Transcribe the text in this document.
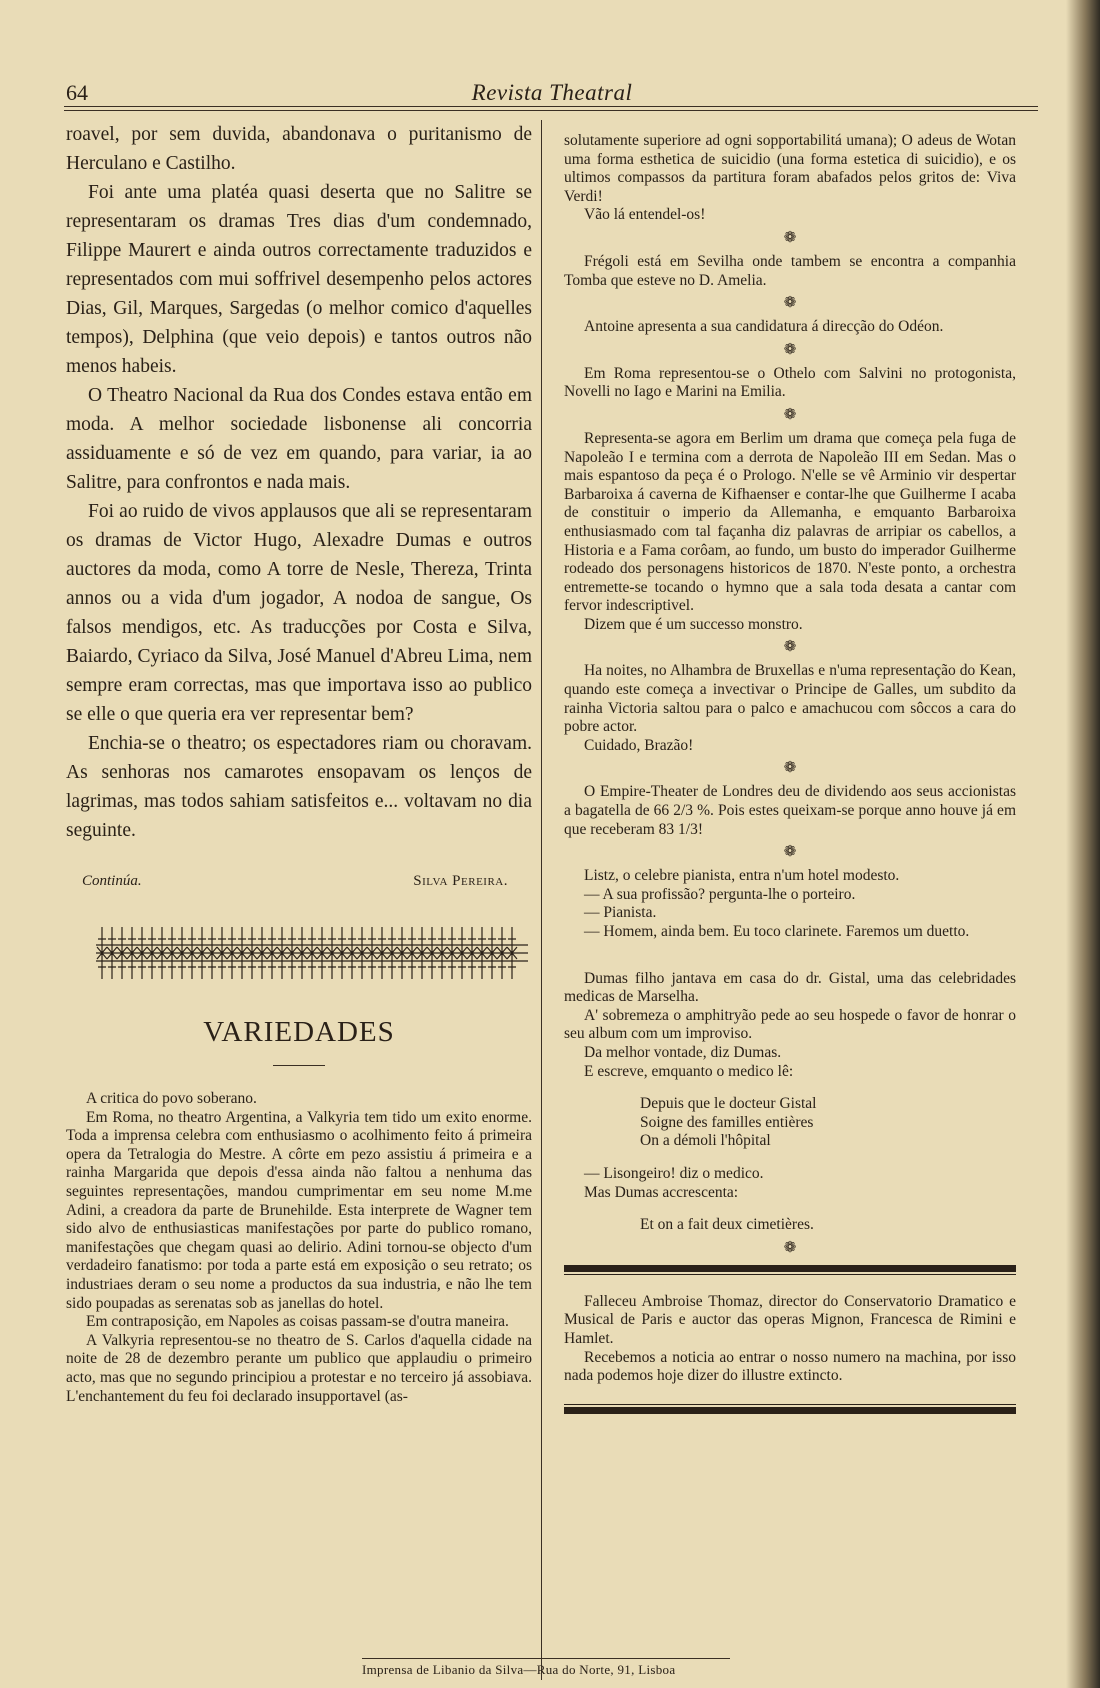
64	Revista Theatral

roavel, por sem duvida, abandonava o puritanismo de Herculano e Castilho.

Foi ante uma platéa quasi deserta que no Salitre se representaram os dramas Tres dias d'um condemnado, Filippe Maurert e ainda outros correctamente traduzidos e representados com mui soffrivel desempenho pelos actores Dias, Gil, Marques, Sargedas (o melhor comico d'aquelles tempos), Delphina (que veio depois) e tantos outros não menos habeis.

O Theatro Nacional da Rua dos Condes estava então em moda. A melhor sociedade lisbonense ali concorria assiduamente e só de vez em quando, para variar, ia ao Salitre, para confrontos e nada mais.

Foi ao ruido de vivos applausos que ali se representaram os dramas de Victor Hugo, Alexadre Dumas e outros auctores da moda, como A torre de Nesle, Thereza, Trinta annos ou a vida d'um jogador, A nodoa de sangue, Os falsos mendigos, etc. As traducções por Costa e Silva, Baiardo, Cyriaco da Silva, José Manuel d'Abreu Lima, nem sempre eram correctas, mas que importava isso ao publico se elle o que queria era ver representar bem?

Enchia-se o theatro; os espectadores riam ou choravam. As senhoras nos camarotes ensopavam os lenços de lagrimas, mas todos sahiam satisfeitos e... voltavam no dia seguinte.

Continúa.	Silva Pereira.
VARIEDADES

A critica do povo soberano.

Em Roma, no theatro Argentina, a Valkyria tem tido um exito enorme. Toda a imprensa celebra com enthusiasmo o acolhimento feito á primeira opera da Tetralogia do Mestre. A côrte em pezo assistiu á primeira e a rainha Margarida que depois d'essa ainda não faltou a nenhuma das seguintes representações, mandou cumprimentar em seu nome M.me Adini, a creadora da parte de Brunehilde. Esta interprete de Wagner tem sido alvo de enthusiasticas manifestações por parte do publico romano, manifestações que chegam quasi ao delirio. Adini tornou-se objecto d'um verdadeiro fanatismo: por toda a parte está em exposição o seu retrato; os industriaes deram o seu nome a productos da sua industria, e não lhe tem sido poupadas as serenatas sob as janellas do hotel.

Em contraposição, em Napoles as coisas passam-se d'outra maneira.

A Valkyria representou-se no theatro de S. Carlos d'aquella cidade na noite de 28 de dezembro perante um publico que applaudiu o primeiro acto, mas que no segundo principiou a protestar e no terceiro já assobiava. L'enchantement du feu foi declarado insupportavel (as-

solutamente superiore ad ogni sopportabilitá umana); O adeus de Wotan uma forma esthetica de suicidio (una forma estetica di suicidio), e os ultimos compassos da partitura foram abafados pelos gritos de: Viva Verdi!

Vão lá entendel-os!

❁

Frégoli está em Sevilha onde tambem se encontra a companhia Tomba que esteve no D. Amelia.

❁

Antoine apresenta a sua candidatura á direcção do Odéon.

❁

Em Roma representou-se o Othelo com Salvini no protogonista, Novelli no Iago e Marini na Emilia.

❁

Representa-se agora em Berlim um drama que começa pela fuga de Napoleão I e termina com a derrota de Napoleão III em Sedan. Mas o mais espantoso da peça é o Prologo. N'elle se vê Arminio vir despertar Barbaroixa á caverna de Kifhaenser e contar-lhe que Guilherme I acaba de constituir o imperio da Allemanha, e emquanto Barbaroixa enthusiasmado com tal façanha diz palavras de arripiar os cabellos, a Historia e a Fama corôam, ao fundo, um busto do imperador Guilherme rodeado dos personagens historicos de 1870. N'este ponto, a orchestra entremette-se tocando o hymno que a sala toda desata a cantar com fervor indescriptivel.

Dizem que é um successo monstro.

❁

Ha noites, no Alhambra de Bruxellas e n'uma representação do Kean, quando este começa a invectivar o Principe de Galles, um subdito da rainha Victoria saltou para o palco e amachucou com sôccos a cara do pobre actor.

Cuidado, Brazão!

❁

O Empire-Theater de Londres deu de dividendo aos seus accionistas a bagatella de 66 2/3 %. Pois estes queixam-se porque anno houve já em que receberam 83 1/3!

❁

Listz, o celebre pianista, entra n'um hotel modesto.

— A sua profissão? pergunta-lhe o porteiro.

— Pianista.

— Homem, ainda bem. Eu toco clarinete. Faremos um duetto.

Dumas filho jantava em casa do dr. Gistal, uma das celebridades medicas de Marselha.

A' sobremeza o amphitryão pede ao seu hospede o favor de honrar o seu album com um improviso.

Da melhor vontade, diz Dumas.

E escreve, emquanto o medico lê:

Depuis que le docteur Gistal

Soigne des familles entières

On a démoli l'hôpital

— Lisongeiro! diz o medico.

Mas Dumas accrescenta:

Et on a fait deux cimetières.

❁

Falleceu Ambroise Thomaz, director do Conservatorio Dramatico e Musical de Paris e auctor das operas Mignon, Francesca de Rimini e Hamlet.

Recebemos a noticia ao entrar o nosso numero na machina, por isso nada podemos hoje dizer do illustre extincto.

Imprensa de Libanio da Silva—Rua do Norte, 91, Lisboa
